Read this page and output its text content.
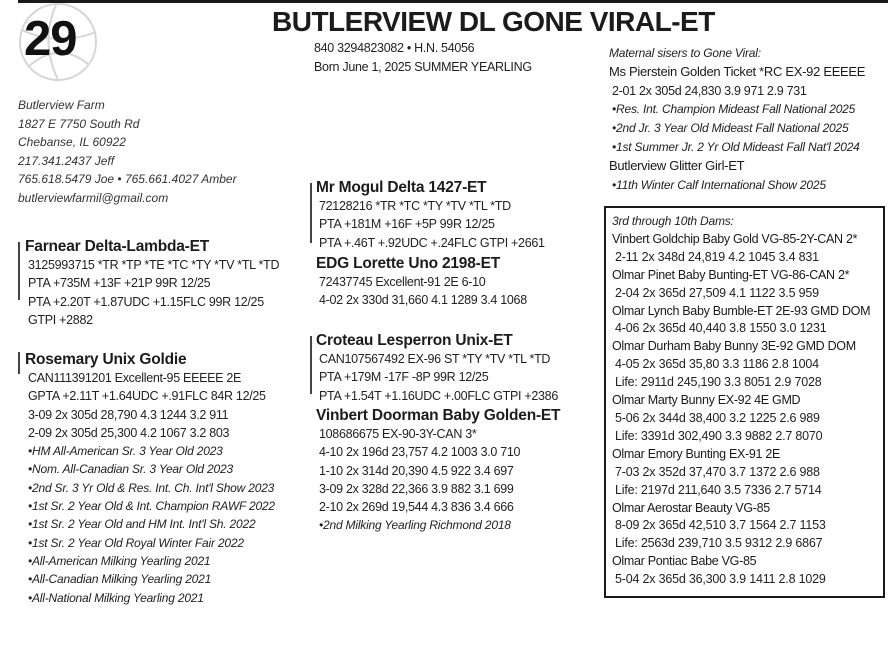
29	BUTLERVIEW DL GONE VIRAL-ET
840 3294823082 • H.N. 54056
Born June 1, 2025 SUMMER YEARLING
Butlerview Farm
1827 E 7750 South Rd
Chebanse, IL 60922
217.341.2437 Jeff
765.618.5479 Joe • 765.661.4027 Amber
butlerviewfarmil@gmail.com
Farnear Delta-Lambda-ET
3125993715 *TR *TP *TE *TC *TY *TV *TL *TD
PTA +735M +13F +21P 99R 12/25
PTA +2.20T +1.87UDC +1.15FLC 99R 12/25
GTPI +2882
Rosemary Unix Goldie
CAN111391201 Excellent-95 EEEEE 2E
GPTA +2.11T +1.64UDC +.91FLC 84R 12/25
3-09 2x 305d 28,790 4.3 1244 3.2 911
2-09 2x 305d 25,300 4.2 1067 3.2 803
•HM All-American Sr. 3 Year Old 2023
•Nom. All-Canadian Sr. 3 Year Old 2023
•2nd Sr. 3 Yr Old & Res. Int. Ch. Int'l Show 2023
•1st Sr. 2 Year Old & Int. Champion RAWF 2022
•1st Sr. 2 Year Old and HM Int. Int'l Sh. 2022
•1st Sr. 2 Year Old Royal Winter Fair 2022
•All-American Milking Yearling 2021
•All-Canadian Milking Yearling 2021
•All-National Milking Yearling 2021
Mr Mogul Delta 1427-ET
72128216 *TR *TC *TY *TV *TL *TD
PTA +181M +16F +5P 99R 12/25
PTA +.46T +.92UDC +.24FLC GTPI +2661
EDG Lorette Uno 2198-ET
72437745 Excellent-91 2E 6-10
4-02 2x 330d 31,660 4.1 1289 3.4 1068
Croteau Lesperron Unix-ET
CAN107567492 EX-96 ST *TY *TV *TL *TD
PTA +179M -17F -8P 99R 12/25
PTA +1.54T +1.16UDC +.00FLC GTPI +2386
Vinbert Doorman Baby Golden-ET
108686675 EX-90-3Y-CAN 3*
4-10 2x 196d 23,757 4.2 1003 3.0 710
1-10 2x 314d 20,390 4.5 922 3.4 697
3-09 2x 328d 22,366 3.9 882 3.1 699
2-10 2x 269d 19,544 4.3 836 3.4 666
•2nd Milking Yearling Richmond 2018
Maternal sisers to Gone Viral:
Ms Pierstein Golden Ticket *RC EX-92 EEEEE
2-01 2x 305d 24,830 3.9 971 2.9 731
•Res. Int. Champion Mideast Fall National 2025
•2nd Jr. 3 Year Old Mideast Fall National 2025
•1st Summer Jr. 2 Yr Old Mideast Fall Nat'l 2024
Butlerview Glitter Girl-ET
•11th Winter Calf International Show 2025
3rd through 10th Dams:
Vinbert Goldchip Baby Gold VG-85-2Y-CAN 2*
2-11 2x 348d 24,819 4.2 1045 3.4 831
Olmar Pinet Baby Bunting-ET VG-86-CAN 2*
2-04 2x 365d 27,509 4.1 1122 3.5 959
Olmar Lynch Baby Bumble-ET 2E-93 GMD DOM
4-06 2x 365d 40,440 3.8 1550 3.0 1231
Olmar Durham Baby Bunny 3E-92 GMD DOM
4-05 2x 365d 35,80 3.3 1186 2.8 1004
Life: 2911d 245,190 3.3 8051 2.9 7028
Olmar Marty Bunny EX-92 4E GMD
5-06 2x 344d 38,400 3.2 1225 2.6 989
Life: 3391d 302,490 3.3 9882 2.7 8070
Olmar Emory Bunting EX-91 2E
7-03 2x 352d 37,470 3.7 1372 2.6 988
Life: 2197d 211,640 3.5 7336 2.7 5714
Olmar Aerostar Beauty VG-85
8-09 2x 365d 42,510 3.7 1564 2.7 1153
Life: 2563d 239,710 3.5 9312 2.9 6867
Olmar Pontiac Babe VG-85
5-04 2x 365d 36,300 3.9 1411 2.8 1029
